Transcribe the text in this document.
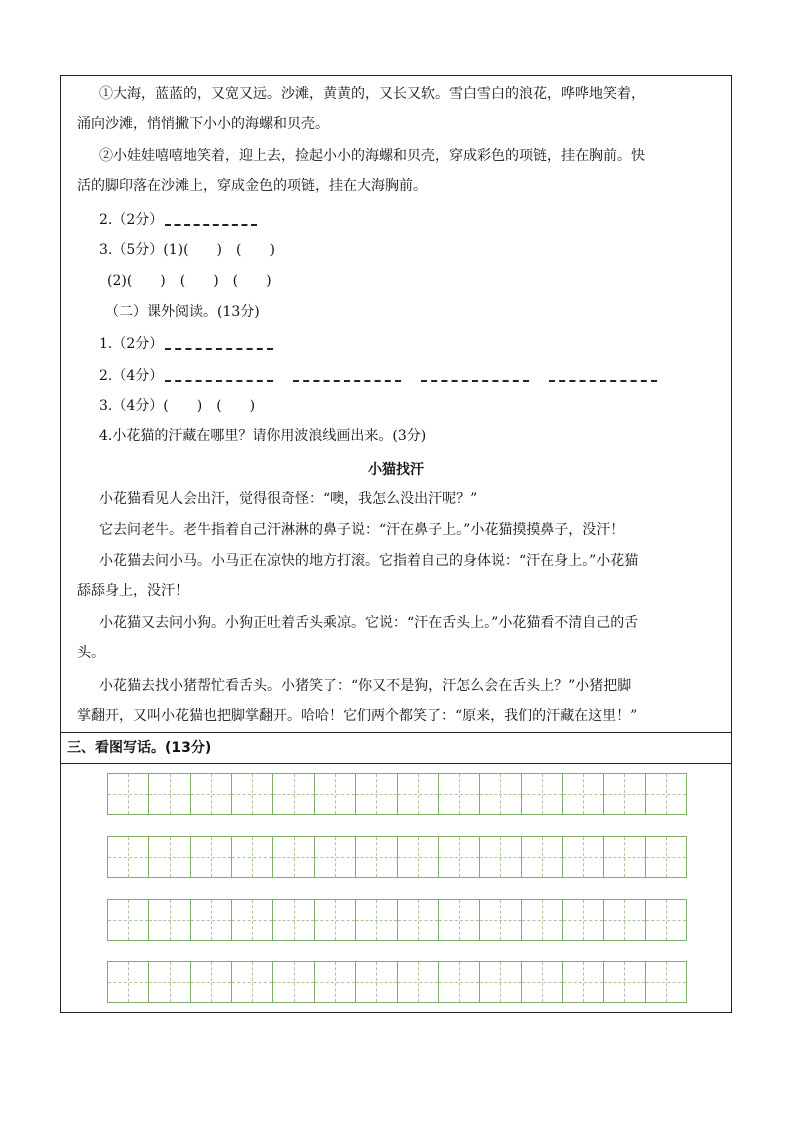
①大海，蓝蓝的，又宽又远。沙滩，黄黄的，又长又软。雪白雪白的浪花，哗哗地笑着，
涌向沙滩，悄悄撇下小小的海螺和贝壳。
②小娃娃嘻嘻地笑着，迎上去，捡起小小的海螺和贝壳，穿成彩色的项链，挂在胸前。快
活的脚印落在沙滩上，穿成金色的项链，挂在大海胸前。
2.（2分）
3.（5分）(1)(　　)　(　　)
(2)(　　)　(　　)　(　　)
（二）课外阅读。(13分)
1.（2分）
2.（4分）
3.（4分）(　　)　(　　)
4.小花猫的汗藏在哪里？请你用波浪线画出来。(3分)
小猫找汗
小花猫看见人会出汗，觉得很奇怪：“噢，我怎么没出汗呢？”
它去问老牛。老牛指着自己汗淋淋的鼻子说：“汗在鼻子上。”小花猫摸摸鼻子，没汗！
小花猫去问小马。小马正在凉快的地方打滚。它指着自己的身体说：“汗在身上。”小花猫
舔舔身上，没汗！
小花猫又去问小狗。小狗正吐着舌头乘凉。它说：“汗在舌头上。”小花猫看不清自己的舌
头。
小花猫去找小猪帮忙看舌头。小猪笑了：“你又不是狗，汗怎么会在舌头上？”小猪把脚
掌翻开，又叫小花猫也把脚掌翻开。哈哈！它们两个都笑了：“原来，我们的汗藏在这里！”
三、看图写话。(13分)
